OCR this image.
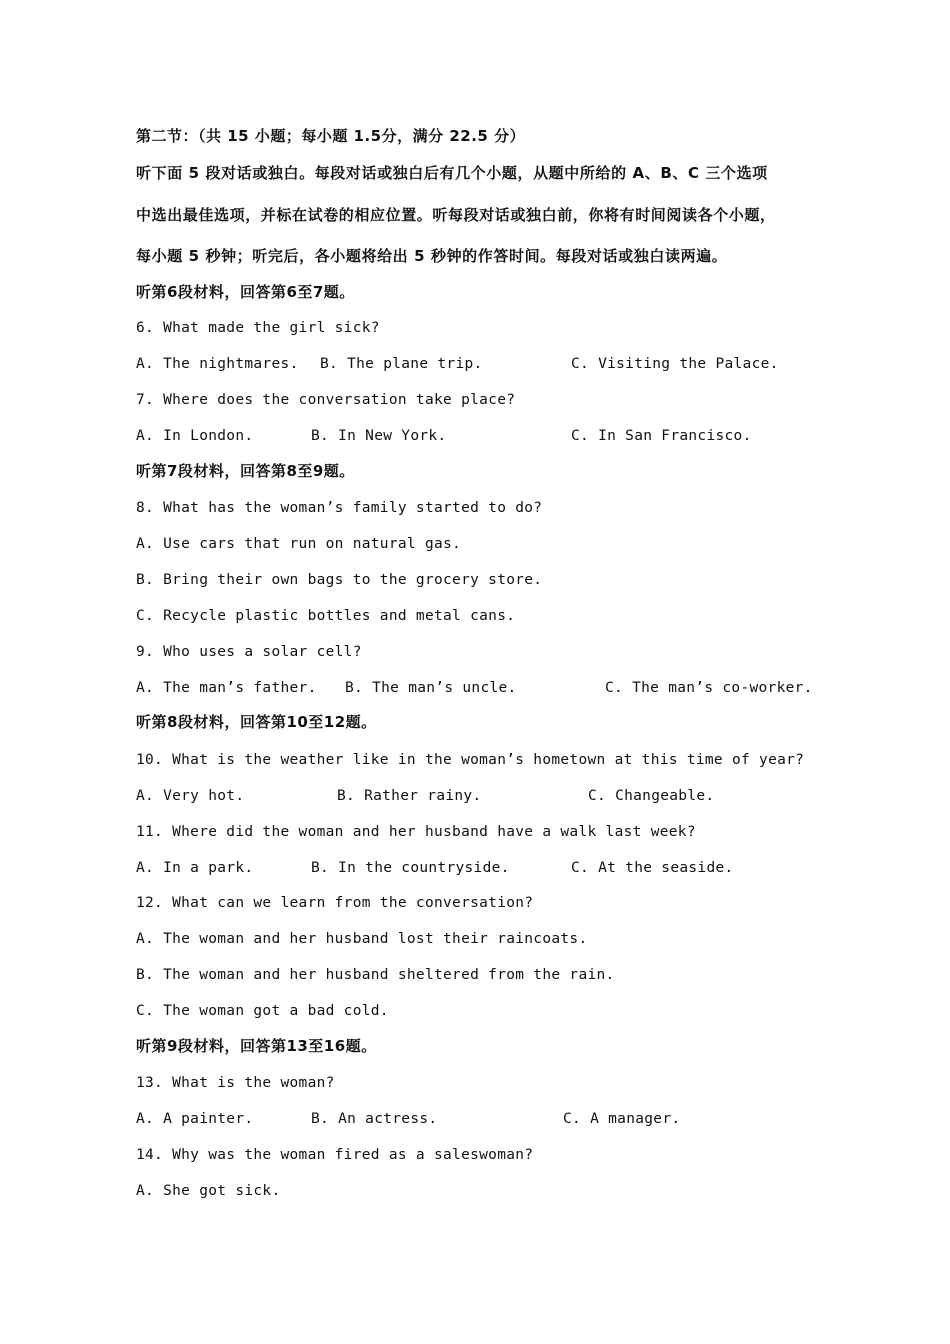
第二节：（共 15 小题；每小题 1.5分，满分 22.5 分）
听下面 5 段对话或独白。每段对话或独白后有几个小题，从题中所给的 A、B、C 三个选项
中选出最佳选项，并标在试卷的相应位置。听每段对话或独白前，你将有时间阅读各个小题，
每小题 5 秒钟；听完后，各小题将给出 5 秒钟的作答时间。每段对话或独白读两遍。
听第6段材料，回答第6至7题。
6. What made the girl sick?
A. The nightmares. B. The plane trip.	C. Visiting the Palace.
7. Where does the conversation take place?
A. In London.	B. In New York.	C. In San Francisco.
听第7段材料，回答第8至9题。
8. What has the woman’s family started to do?
A. Use cars that run on natural gas.
B. Bring their own bags to the grocery store.
C. Recycle plastic bottles and metal cans.
9. Who uses a solar cell?
A. The man’s father. B. The man’s uncle.	C. The man’s co-worker.
听第8段材料，回答第10至12题。
10. What is the weather like in the woman’s hometown at this time of year?
A. Very hot.	B. Rather rainy.	C. Changeable.
11. Where did the woman and her husband have a walk last week?
A. In a park.	B. In the countryside.	C. At the seaside.
12. What can we learn from the conversation?
A. The woman and her husband lost their raincoats.
B. The woman and her husband sheltered from the rain.
C. The woman got a bad cold.
听第9段材料，回答第13至16题。
13. What is the woman?
A. A painter.	B. An actress.	C. A manager.
14. Why was the woman fired as a saleswoman?
A. She got sick.
